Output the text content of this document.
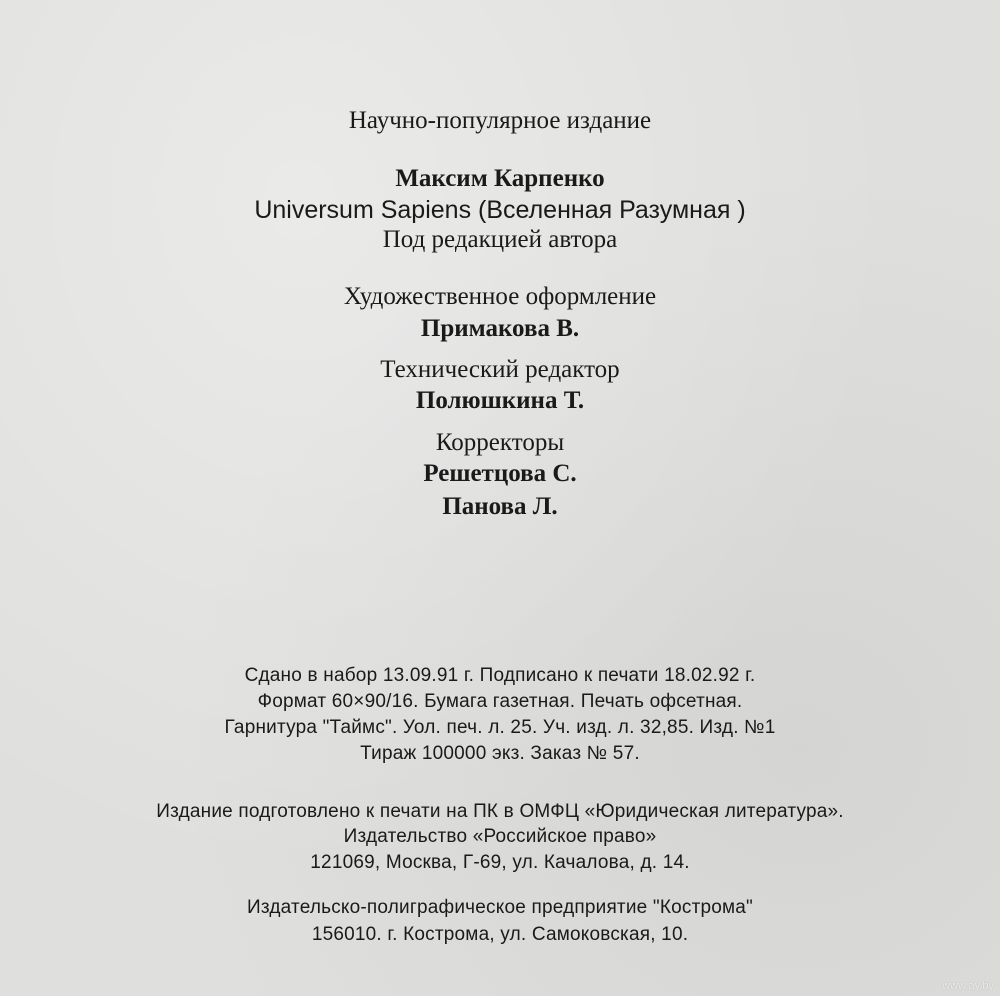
Научно-популярное издание
Максим Карпенко
Universum Sapiens (Вселенная Разумная )
Под редакцией автора
Художественное оформление
Примакова В.
Технический редактор
Полюшкина Т.
Корректоры
Решетцова С.
Панова Л.
Сдано в набор 13.09.91 г. Подписано к печати 18.02.92 г.
Формат 60×90/16. Бумага газетная. Печать офсетная.
Гарнитура "Таймс". Уол. печ. л. 25. Уч. изд. л. 32,85. Изд. №1
Тираж 100000 экз. Заказ № 57.
Издание подготовлено к печати на ПК в ОМФЦ «Юридическая литература».
Издательство «Российское право»
121069, Москва, Г-69, ул. Качалова, д. 14.
Издательско-полиграфическое предприятие "Кострома"
156010. г. Кострома, ул. Самоковская, 10.
www.ay.by
